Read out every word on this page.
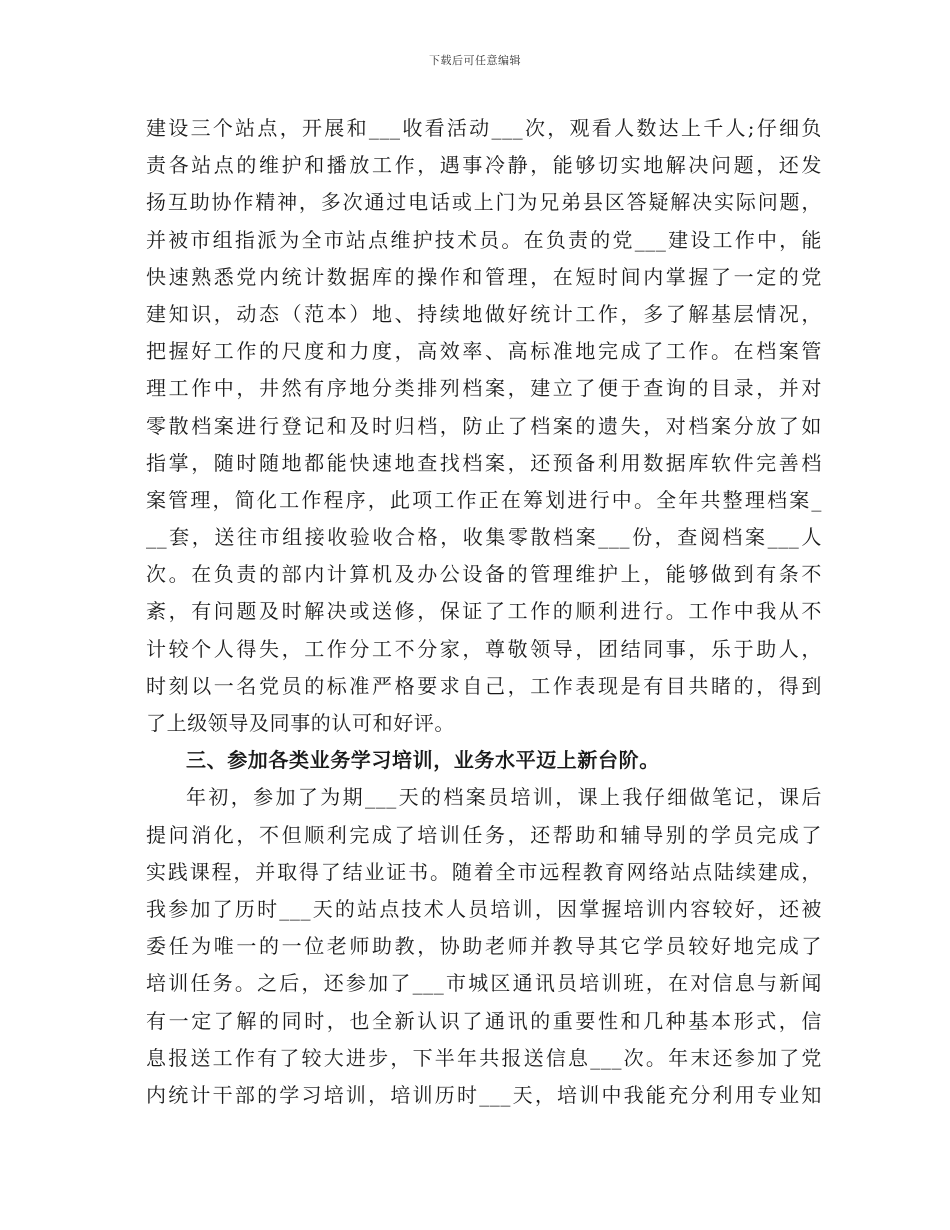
下载后可任意编辑
建设三个站点，开展和___收看活动___次，观看人数达上千人;仔细负
责各站点的维护和播放工作，遇事冷静，能够切实地解决问题，还发
扬互助协作精神，多次通过电话或上门为兄弟县区答疑解决实际问题，
并被市组指派为全市站点维护技术员。在负责的党___建设工作中，能
快速熟悉党内统计数据库的操作和管理，在短时间内掌握了一定的党
建知识，动态（范本）地、持续地做好统计工作，多了解基层情况，
把握好工作的尺度和力度，高效率、高标准地完成了工作。在档案管
理工作中，井然有序地分类排列档案，建立了便于查询的目录，并对
零散档案进行登记和及时归档，防止了档案的遗失，对档案分放了如
指掌，随时随地都能快速地查找档案，还预备利用数据库软件完善档
案管理，简化工作程序，此项工作正在筹划进行中。全年共整理档案_
__套，送往市组接收验收合格，收集零散档案___份，查阅档案___人
次。在负责的部内计算机及办公设备的管理维护上，能够做到有条不
紊，有问题及时解决或送修，保证了工作的顺利进行。工作中我从不
计较个人得失，工作分工不分家，尊敬领导，团结同事，乐于助人，
时刻以一名党员的标准严格要求自己，工作表现是有目共睹的，得到
了上级领导及同事的认可和好评。
三、参加各类业务学习培训，业务水平迈上新台阶。
年初，参加了为期___天的档案员培训，课上我仔细做笔记，课后
提问消化，不但顺利完成了培训任务，还帮助和辅导别的学员完成了
实践课程，并取得了结业证书。随着全市远程教育网络站点陆续建成，
我参加了历时___天的站点技术人员培训，因掌握培训内容较好，还被
委任为唯一的一位老师助教，协助老师并教导其它学员较好地完成了
培训任务。之后，还参加了___市城区通讯员培训班，在对信息与新闻
有一定了解的同时，也全新认识了通讯的重要性和几种基本形式，信
息报送工作有了较大进步，下半年共报送信息___次。年末还参加了党
内统计干部的学习培训，培训历时___天，培训中我能充分利用专业知
